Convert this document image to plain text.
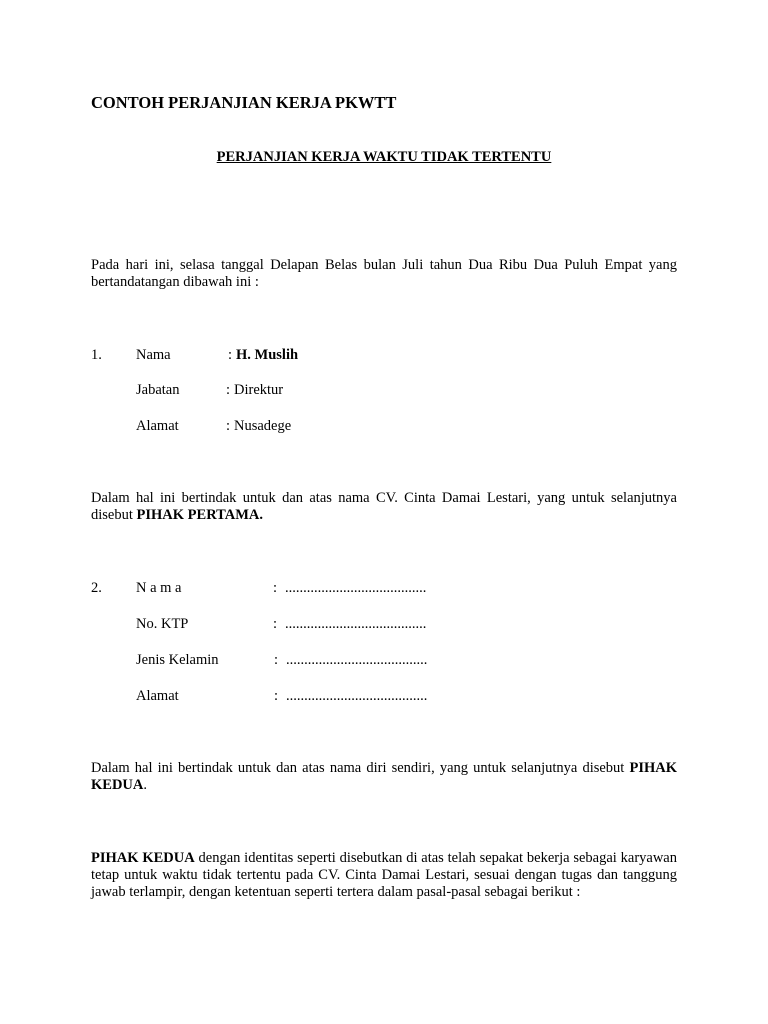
CONTOH PERJANJIAN KERJA PKWTT

PERJANJIAN KERJA WAKTU TIDAK TERTENTU

Pada hari ini, selasa tanggal Delapan Belas bulan Juli tahun Dua Ribu Dua Puluh Empat yang bertandatangan dibawah ini :

1. Nama	: H. Muslih
Jabatan	: Direktur
Alamat	: Nusadege

Dalam hal ini bertindak untuk dan atas nama CV. Cinta Damai Lestari, yang untuk selanjutnya disebut PIHAK PERTAMA.

2. N a m a	: .......................................
No. KTP	: .......................................
Jenis Kelamin	: .......................................
Alamat	: .......................................

Dalam hal ini bertindak untuk dan atas nama diri sendiri, yang untuk selanjutnya disebut PIHAK KEDUA.

PIHAK KEDUA dengan identitas seperti disebutkan di atas telah sepakat bekerja sebagai karyawan tetap untuk waktu tidak tertentu pada CV. Cinta Damai Lestari, sesuai dengan tugas dan tanggung jawab terlampir, dengan ketentuan seperti tertera dalam pasal-pasal sebagai berikut :
